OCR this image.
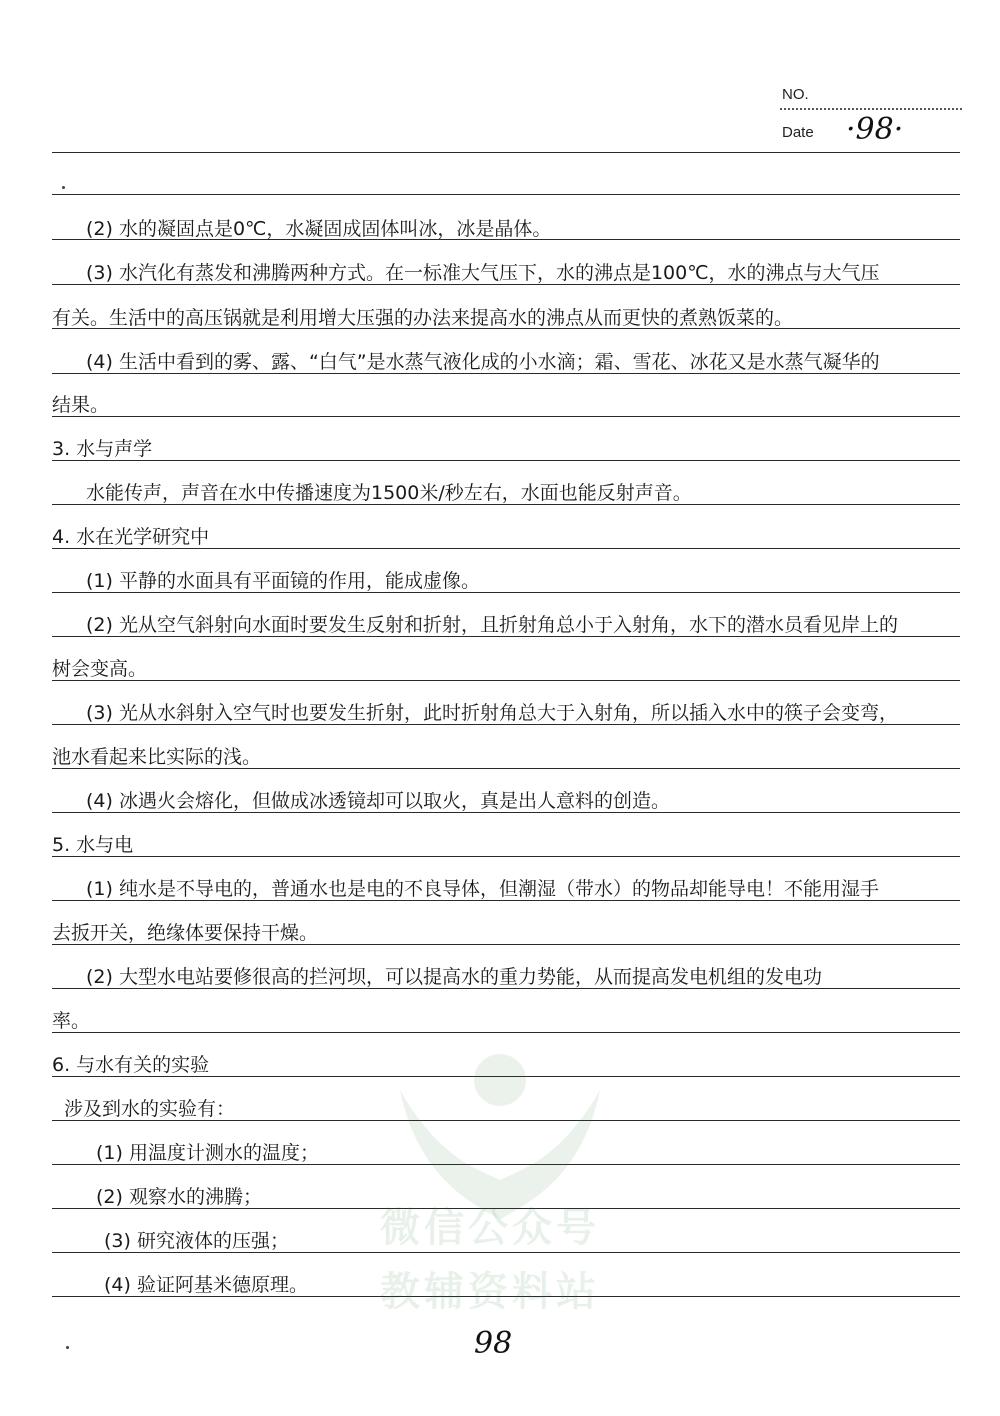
NO.
Date ·98·
微信公众号
教辅资料站
(2) 水的凝固点是0℃，水凝固成固体叫冰，冰是晶体。
(3) 水汽化有蒸发和沸腾两种方式。在一标准大气压下，水的沸点是100℃，水的沸点与大气压
有关。生活中的高压锅就是利用增大压强的办法来提高水的沸点从而更快的煮熟饭菜的。
(4) 生活中看到的雾、露、“白气”是水蒸气液化成的小水滴；霜、雪花、冰花又是水蒸气凝华的
结果。
3. 水与声学
水能传声，声音在水中传播速度为1500米/秒左右，水面也能反射声音。
4. 水在光学研究中
(1) 平静的水面具有平面镜的作用，能成虚像。
(2) 光从空气斜射向水面时要发生反射和折射，且折射角总小于入射角，水下的潜水员看见岸上的
树会变高。
(3) 光从水斜射入空气时也要发生折射，此时折射角总大于入射角，所以插入水中的筷子会变弯，
池水看起来比实际的浅。
(4) 冰遇火会熔化，但做成冰透镜却可以取火，真是出人意料的创造。
5. 水与电
(1) 纯水是不导电的，普通水也是电的不良导体，但潮湿（带水）的物品却能导电！不能用湿手
去扳开关，绝缘体要保持干燥。
(2) 大型水电站要修很高的拦河坝，可以提高水的重力势能，从而提高发电机组的发电功
率。
6. 与水有关的实验
涉及到水的实验有：
(1) 用温度计测水的温度；
(2) 观察水的沸腾；
(3) 研究液体的压强；
(4) 验证阿基米德原理。
98
